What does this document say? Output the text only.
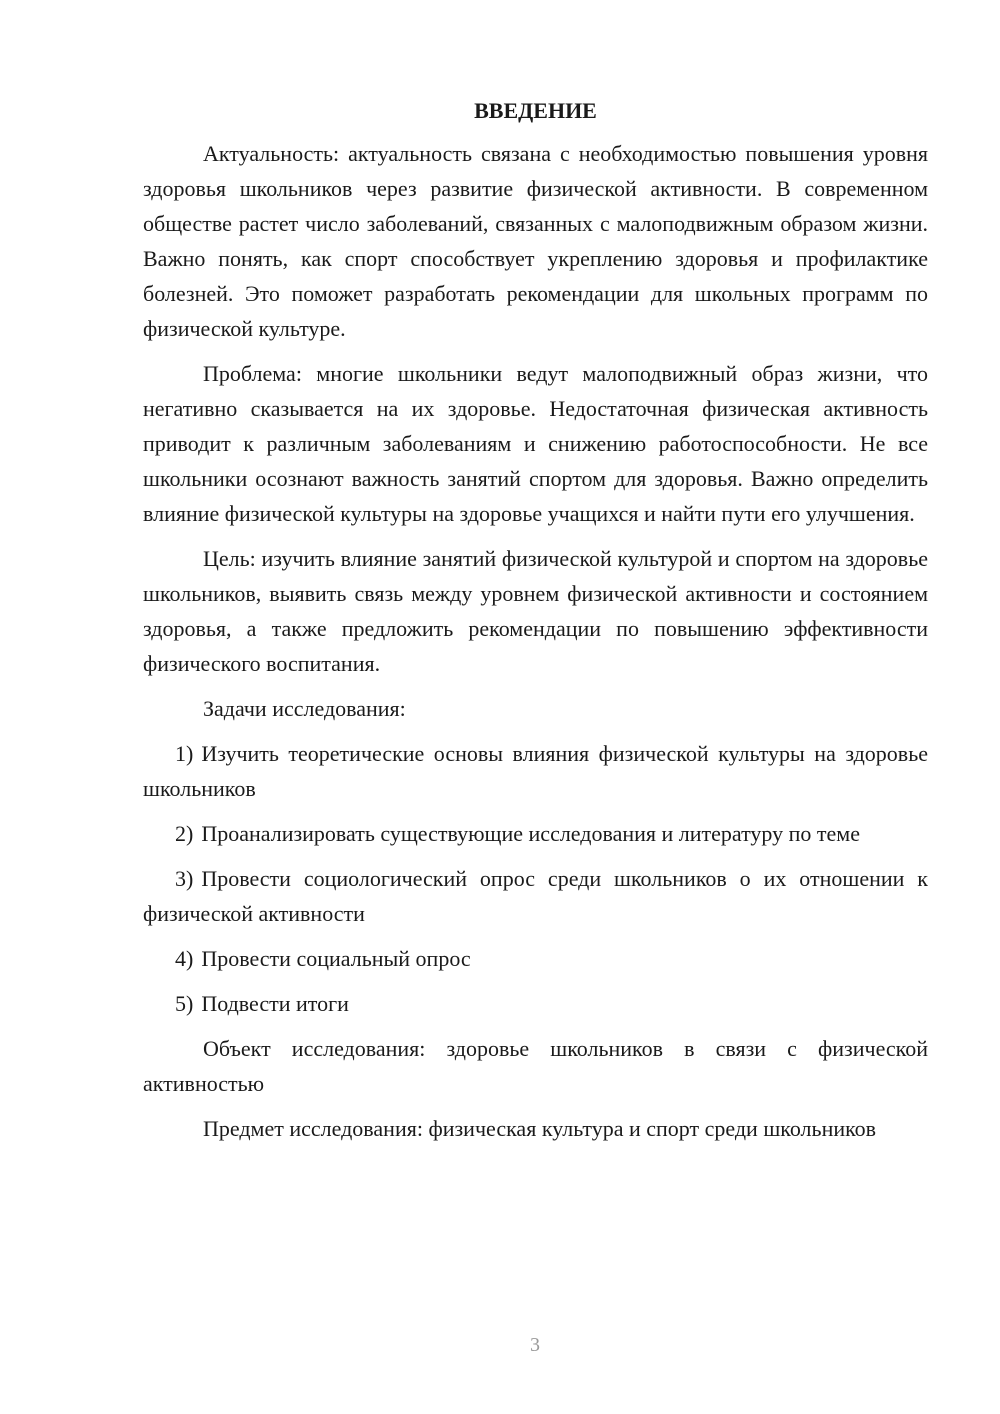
ВВЕДЕНИЕ

Актуальность: актуальность связана с необходимостью повышения уровня здоровья школьников через развитие физической активности. В современном обществе растет число заболеваний, связанных с малоподвижным образом жизни. Важно понять, как спорт способствует укреплению здоровья и профилактике болезней. Это поможет разработать рекомендации для школьных программ по физической культуре.

Проблема: многие школьники ведут малоподвижный образ жизни, что негативно сказывается на их здоровье. Недостаточная физическая активность приводит к различным заболеваниям и снижению работоспособности. Не все школьники осознают важность занятий спортом для здоровья. Важно определить влияние физической культуры на здоровье учащихся и найти пути его улучшения.

Цель: изучить влияние занятий физической культурой и спортом на здоровье школьников, выявить связь между уровнем физической активности и состоянием здоровья, а также предложить рекомендации по повышению эффективности физического воспитания.

Задачи исследования:

1) Изучить теоретические основы влияния физической культуры на здоровье школьников

2) Проанализировать существующие исследования и литературу по теме

3) Провести социологический опрос среди школьников о их отношении к физической активности

4) Провести социальный опрос

5) Подвести итоги

Объект исследования: здоровье школьников в связи с физической активностью

Предмет исследования: физическая культура и спорт среди школьников

3
